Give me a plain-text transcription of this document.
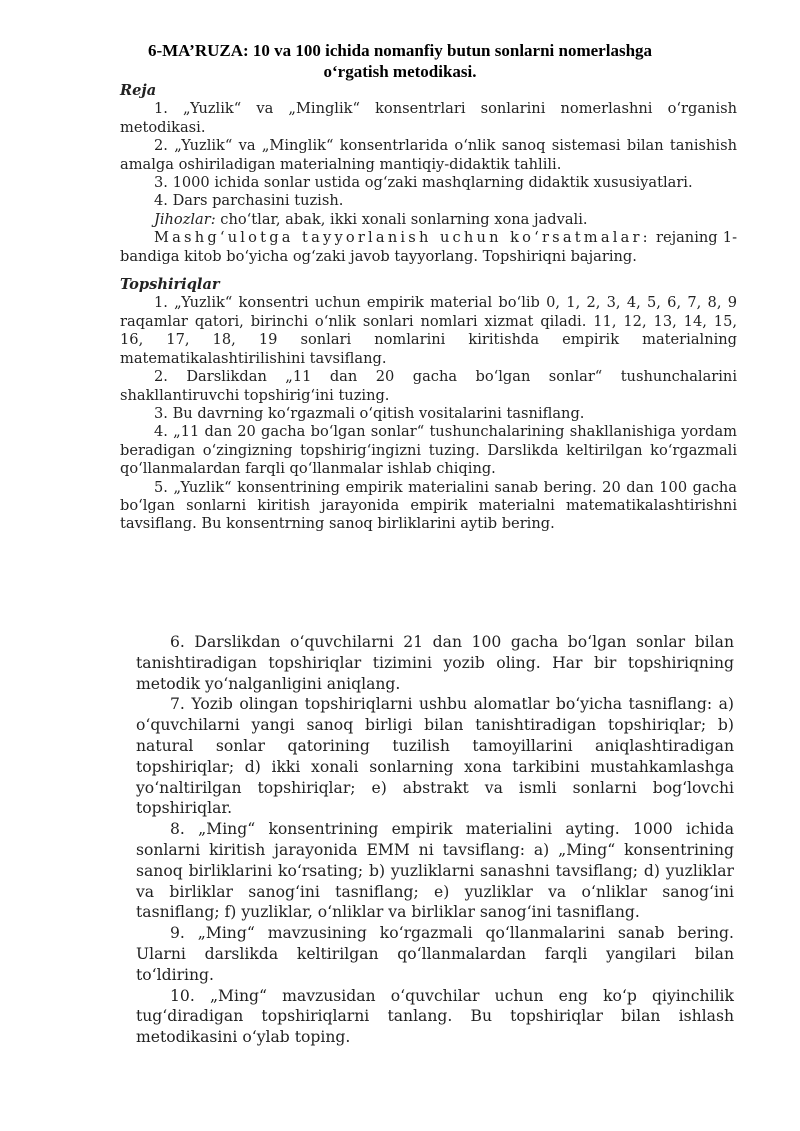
6-MA’RUZA: 10 va 100 ichida nomanfiy butun sonlarni nomerlashga
o‘rgatish metodikasi.

Reja

1. „Yuzlik“ va „Minglik“ konsentrlari sonlarini nomerlashni o‘rganish metodikasi.

2. „Yuzlik“ va „Minglik“ konsentrlarida o‘nlik sanoq sistemasi bilan tanishish amalga oshiriladigan materialning mantiqiy-didaktik tahlili.

3. 1000 ichida sonlar ustida og‘zaki mashqlarning didaktik xususiyatlari.

4. Dars parchasini tuzish.

Jihozlar: cho‘tlar, abak, ikki xonali sonlarning xona jadvali.

Mashg‘ulotga tayyorlanish uchun ko‘rsatmalar: rejaning 1- bandiga kitob bo‘yicha og‘zaki javob tayyorlang. Topshiriqni bajaring.

Topshiriqlar

1. „Yuzlik“ konsentri uchun empirik material bo‘lib 0, 1, 2, 3, 4, 5, 6, 7, 8, 9 raqamlar qatori, birinchi o‘nlik sonlari nomlari xizmat qiladi. 11, 12, 13, 14, 15, 16, 17, 18, 19 sonlari nomlarini kiritishda empirik materialning matematikalashtirilishini tavsiflang.

2. Darslikdan „11 dan 20 gacha bo‘lgan sonlar“ tushunchalarini shakllantiruvchi topshirig‘ini tuzing.

3. Bu davrning ko‘rgazmali o‘qitish vositalarini tasniflang.

4. „11 dan 20 gacha bo‘lgan sonlar“ tushunchalarining shakllanishiga yordam beradigan o‘zingizning topshirig‘ingizni tuzing. Darslikda keltirilgan ko‘rgazmali qo‘llanmalardan farqli qo‘llanmalar ishlab chiqing.

5. „Yuzlik“ konsentrining empirik materialini sanab bering. 20 dan 100 gacha bo‘lgan sonlarni kiritish jarayonida empirik materialni matematikalashtirishni tavsiflang. Bu konsentrning sanoq birliklarini aytib bering.

6. Darslikdan o‘quvchilarni 21 dan 100 gacha bo‘lgan sonlar bilan tanishtiradigan topshiriqlar tizimini yozib oling. Har bir topshiriqning metodik yo‘nalganligini aniqlang.

7. Yozib olingan topshiriqlarni ushbu alomatlar bo‘yicha tasniflang: a) o‘quvchilarni yangi sanoq birligi bilan tanishtiradigan topshiriqlar; b) natural sonlar qatorining tuzilish tamoyillarini aniqlashtiradigan topshiriqlar; d) ikki xonali sonlarning xona tarkibini mustahkamlashga yo‘naltirilgan topshiriqlar; e) abstrakt va ismli sonlarni bog‘lovchi topshiriqlar.

8. „Ming“ konsentrining empirik materialini ayting. 1000 ichida sonlarni kiritish jarayonida EMM ni tavsiflang: a) „Ming“ konsentrining sanoq birliklarini ko‘rsating; b) yuzliklarni sanashni tavsiflang; d) yuzliklar va birliklar sanog‘ini tasniflang; e) yuzliklar va o‘nliklar sanog‘ini tasniflang; f) yuzliklar, o‘nliklar va birliklar sanog‘ini tasniflang.

9. „Ming“ mavzusining ko‘rgazmali qo‘llanmalarini sanab bering. Ularni darslikda keltirilgan qo‘llanmalardan farqli yangilari bilan to‘ldiring.

10. „Ming“ mavzusidan o‘quvchilar uchun eng ko‘p qiyinchilik tug‘diradigan topshiriqlarni tanlang. Bu topshiriqlar bilan ishlash metodikasini o‘ylab toping.
